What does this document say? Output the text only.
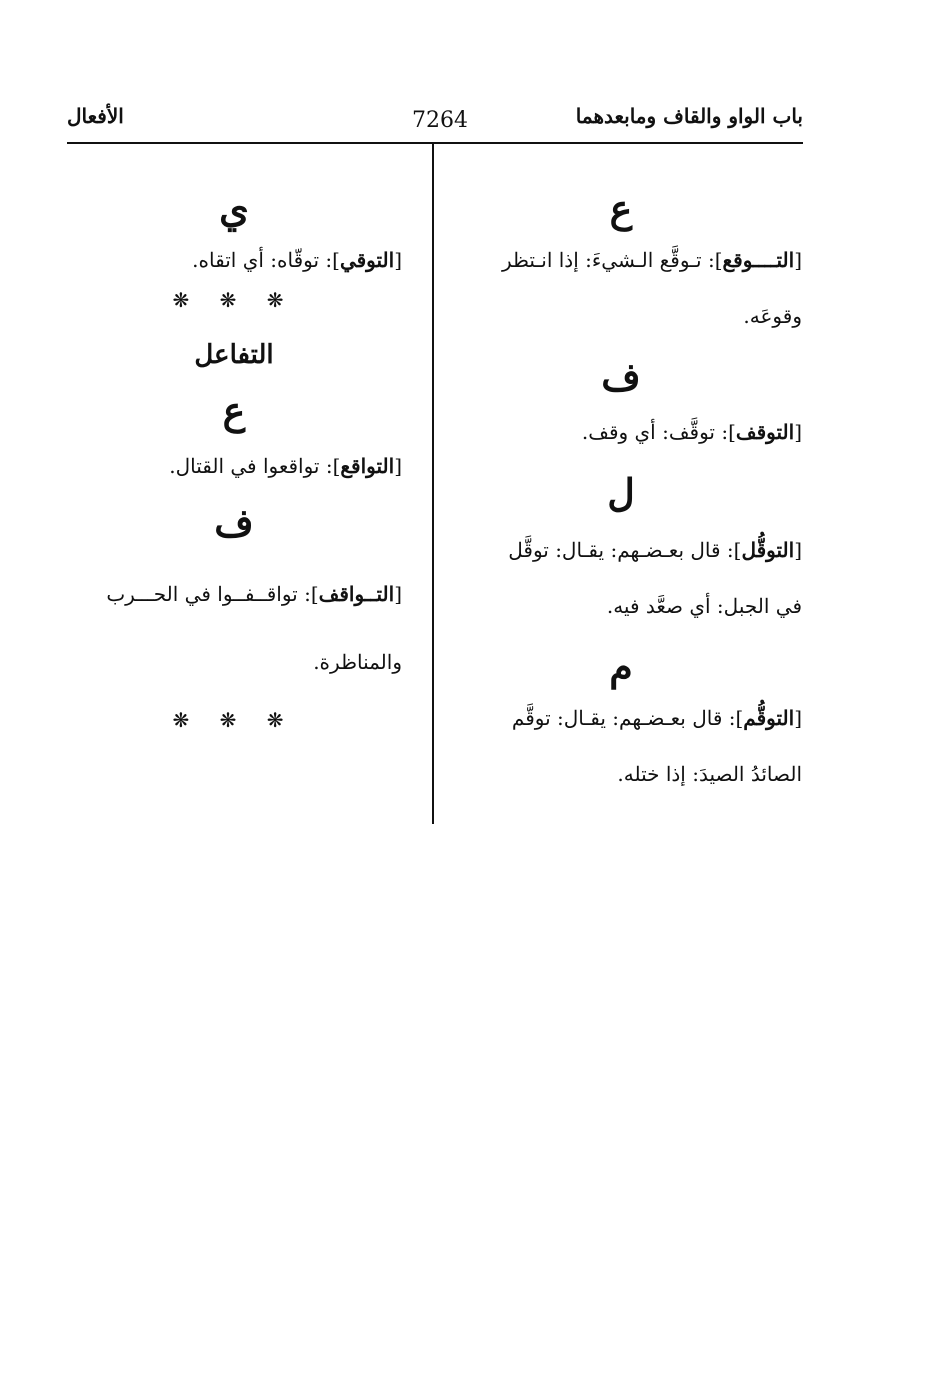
باب الواو والقاف ومابعدهما
7264
الأفعال
ع
[التــــوقع]: تـوقَّع الـشيءَ: إذا انـتظر
وقوعَه.
ف
[التوقف]: توقَّف: أي وقف.
ل
[التوقُّل]: قال بعـضـهم: يقـال: توقَّل
في الجبل: أي صعَّد فيه.
م
[التوقُّم]: قال بعـضـهم: يقـال: توقَّم
الصائدُ الصيدَ: إذا ختله.
ي
[التوقي]: توقّاه: أي اتقاه.
❋ ❋ ❋
التفاعل
ع
[التواقع]: تواقعوا في القتال.
ف
[التــواقف]: تواقــفــوا في الحـــرب
والمناظرة.
❋ ❋ ❋
